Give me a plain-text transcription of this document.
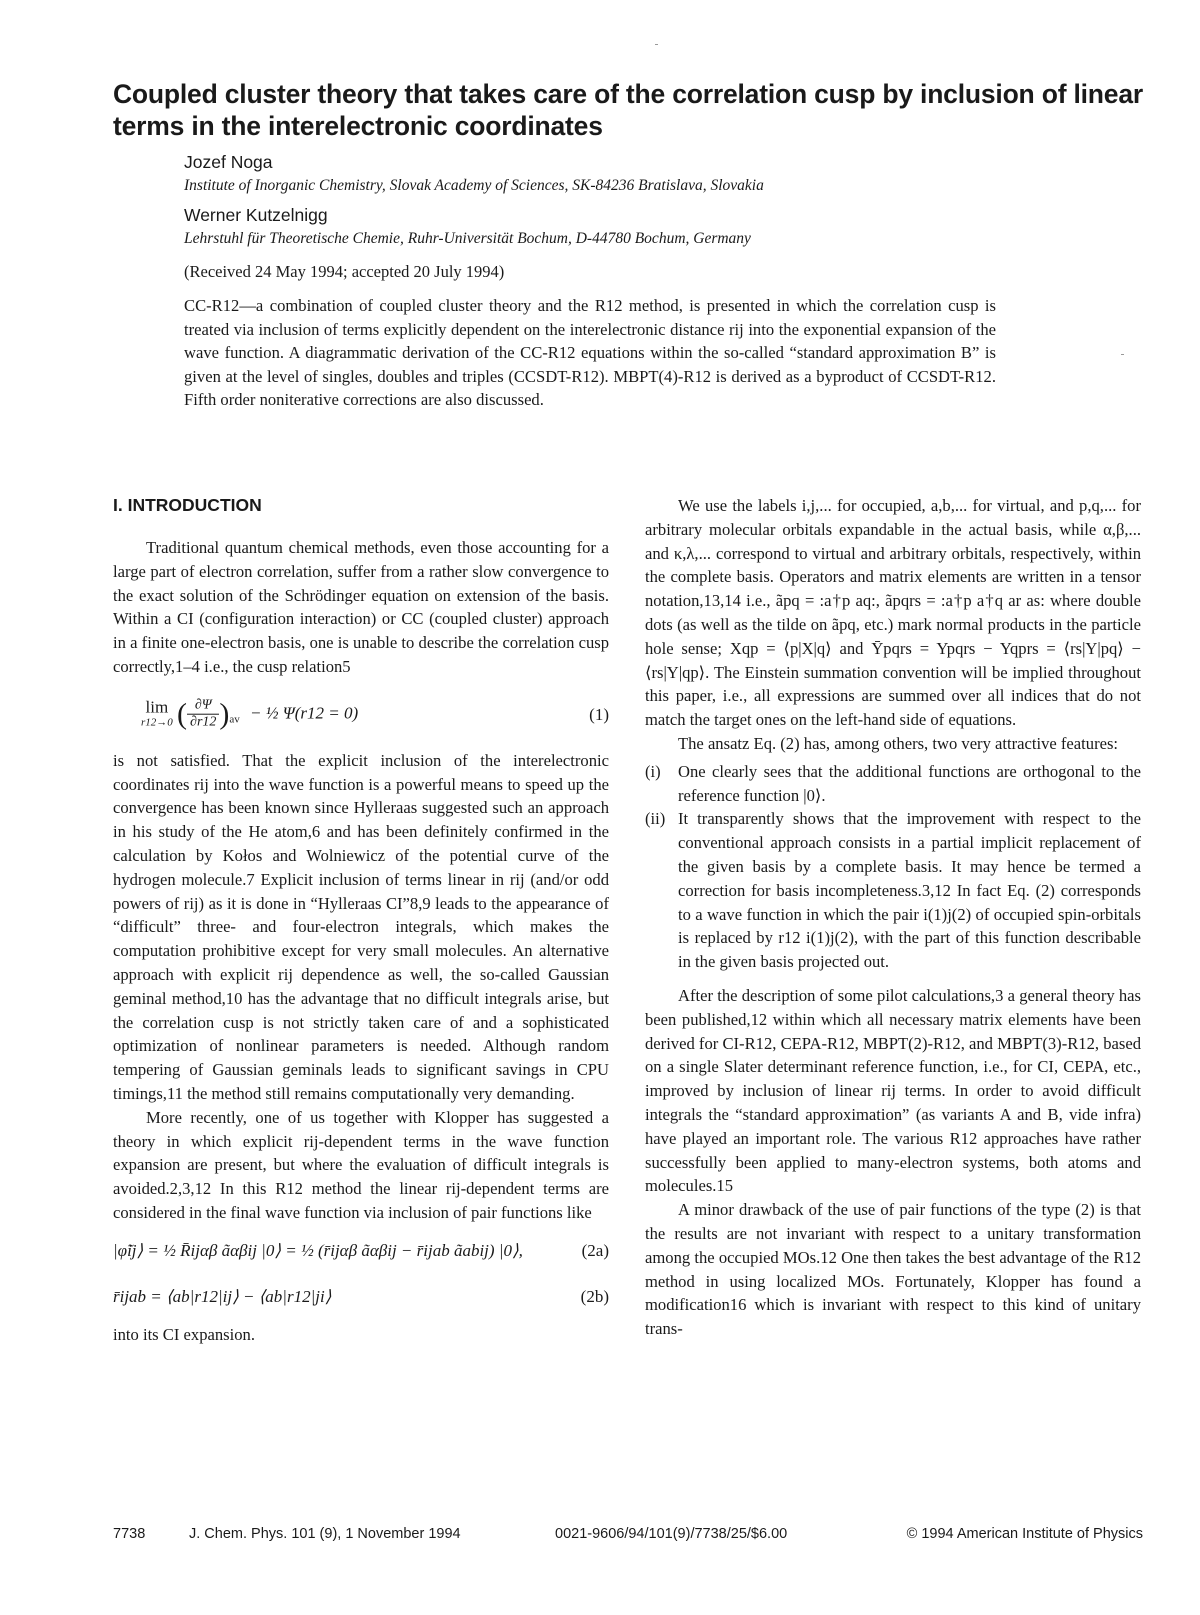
Coupled cluster theory that takes care of the correlation cusp by inclusion of linear terms in the interelectronic coordinates
Jozef Noga
Institute of Inorganic Chemistry, Slovak Academy of Sciences, SK-84236 Bratislava, Slovakia
Werner Kutzelnigg
Lehrstuhl für Theoretische Chemie, Ruhr-Universität Bochum, D-44780 Bochum, Germany
(Received 24 May 1994; accepted 20 July 1994)

CC-R12—a combination of coupled cluster theory and the R12 method, is presented in which the correlation cusp is treated via inclusion of terms explicitly dependent on the interelectronic distance rij into the exponential expansion of the wave function. A diagrammatic derivation of the CC-R12 equations within the so-called “standard approximation B” is given at the level of singles, doubles and triples (CCSDT-R12). MBPT(4)-R12 is derived as a byproduct of CCSDT-R12. Fifth order noniterative corrections are also discussed.

I. INTRODUCTION

Traditional quantum chemical methods, even those accounting for a large part of electron correlation, suffer from a rather slow convergence to the exact solution of the Schrödinger equation on extension of the basis. Within a CI (configuration interaction) or CC (coupled cluster) approach in a finite one-electron basis, one is unable to describe the correlation cusp correctly,1–4 i.e., the cusp relation5

lim
r12→0 ( $\frac{\partial\Psi}{\partial r12} )_{av}$ − ½ Ψ(r12 = 0)	(1)

is not satisfied. That the explicit inclusion of the interelectronic coordinates rij into the wave function is a powerful means to speed up the convergence has been known since Hylleraas suggested such an approach in his study of the He atom,6 and has been definitely confirmed in the calculation by Kołos and Wolniewicz of the potential curve of the hydrogen molecule.7 Explicit inclusion of terms linear in rij (and/or odd powers of rij) as it is done in “Hylleraas CI”8,9 leads to the appearance of “difficult” three- and four-electron integrals, which makes the computation prohibitive except for very small molecules. An alternative approach with explicit rij dependence as well, the so-called Gaussian geminal method,10 has the advantage that no difficult integrals arise, but the correlation cusp is not strictly taken care of and a sophisticated optimization of nonlinear parameters is needed. Although random tempering of Gaussian geminals leads to significant savings in CPU timings,11 the method still remains computationally very demanding.

More recently, one of us together with Klopper has suggested a theory in which explicit rij-dependent terms in the wave function expansion are present, but where the evaluation of difficult integrals is avoided.2,3,12 In this R12 method the linear rij-dependent terms are considered in the final wave function via inclusion of pair functions like

|φ̃ij⟩ = ½ R̄ijαβ ãαβij |0⟩ = ½ (r̄ijαβ ãαβij − r̄ijab ãabij) |0⟩,	(2a)
r̄ijab = ⟨ab|r12|ij⟩ − ⟨ab|r12|ji⟩	(2b)

into its CI expansion.

We use the labels i,j,... for occupied, a,b,... for virtual, and p,q,... for arbitrary molecular orbitals expandable in the actual basis, while α,β,... and κ,λ,... correspond to virtual and arbitrary orbitals, respectively, within the complete basis. Operators and matrix elements are written in a tensor notation,13,14 i.e., ãpq = :a†p aq:, ãpqrs = :a†p a†q ar as: where double dots (as well as the tilde on ãpq, etc.) mark normal products in the particle hole sense; Xqp = ⟨p|X|q⟩ and Ȳpqrs = Ypqrs − Yqprs = ⟨rs|Y|pq⟩ − ⟨rs|Y|qp⟩. The Einstein summation convention will be implied throughout this paper, i.e., all expressions are summed over all indices that do not match the target ones on the left-hand side of equations.

The ansatz Eq. (2) has, among others, two very attractive features:

(i) One clearly sees that the additional functions are orthogonal to the reference function |0⟩.
(ii) It transparently shows that the improvement with respect to the conventional approach consists in a partial implicit replacement of the given basis by a complete basis. It may hence be termed a correction for basis incompleteness.3,12 In fact Eq. (2) corresponds to a wave function in which the pair i(1)j(2) of occupied spin-orbitals is replaced by r12 i(1)j(2), with the part of this function describable in the given basis projected out.

After the description of some pilot calculations,3 a general theory has been published,12 within which all necessary matrix elements have been derived for CI-R12, CEPA-R12, MBPT(2)-R12, and MBPT(3)-R12, based on a single Slater determinant reference function, i.e., for CI, CEPA, etc., improved by inclusion of linear rij terms. In order to avoid difficult integrals the “standard approximation” (as variants A and B, vide infra) have played an important role. The various R12 approaches have rather successfully been applied to many-electron systems, both atoms and molecules.15

A minor drawback of the use of pair functions of the type (2) is that the results are not invariant with respect to a unitary transformation among the occupied MOs.12 One then takes the best advantage of the R12 method in using localized MOs. Fortunately, Klopper has found a modification16 which is invariant with respect to this kind of unitary trans-

7738	J. Chem. Phys. 101 (9), 1 November 1994	0021-9606/94/101(9)/7738/25/$6.00	© 1994 American Institute of Physics
